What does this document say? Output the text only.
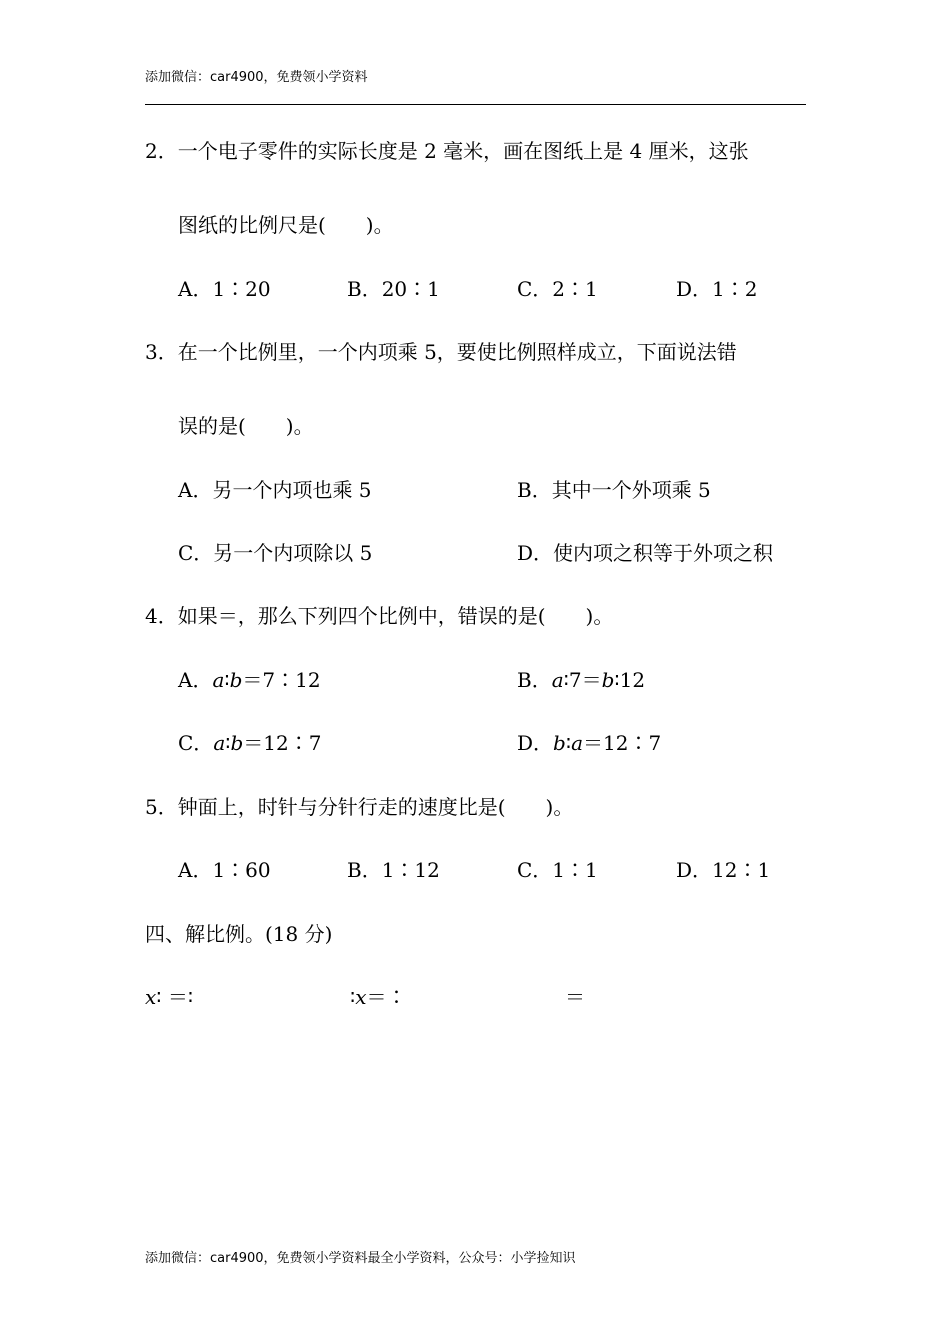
添加微信：car4900，免费领小学资料
2．一个电子零件的实际长度是 2 毫米，画在图纸上是 4 厘米，这张
图纸的比例尺是(　　)。
A．1∶20	B．20∶1	C．2∶1	D．1∶2
3．在一个比例里，一个内项乘 5，要使比例照样成立，下面说法错
误的是(　　)。
A．另一个内项也乘 5	B．其中一个外项乘 5
C．另一个内项除以 5	D．使内项之积等于外项之积
4．如果＝，那么下列四个比例中，错误的是(　　)。
A．a∶b＝7∶12	B．a∶7＝b∶12
C．a∶b＝12∶7	D．b∶a＝12∶7
5．钟面上，时针与分针行走的速度比是(　　)。
A．1∶60	B．1∶12	C．1∶1	D．12∶1
四、解比例。(18 分)
x∶ ＝∶	∶x＝∶	＝
添加微信：car4900，免费领小学资料最全小学资料，公众号：小学捡知识
